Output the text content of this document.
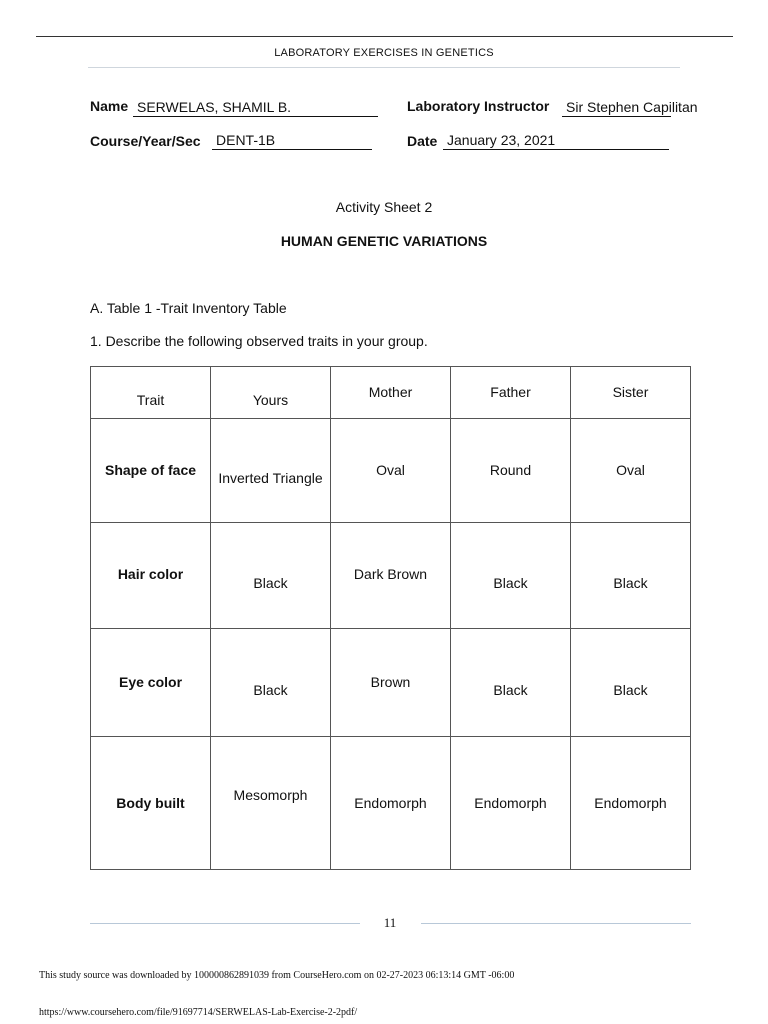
LABORATORY EXERCISES IN GENETICS
Name SERWELAS, SHAMIL B.	Laboratory Instructor Sir Stephen Capilitan
Course/Year/Sec DENT-1B	Date January 23, 2021
Activity Sheet 2
HUMAN GENETIC VARIATIONS
A. Table 1 -Trait Inventory Table
1. Describe the following observed traits in your group.
Trait	Yours	Mother	Father	Sister
Shape of face	Inverted Triangle	Oval	Round	Oval
Hair color	Black	Dark Brown	Black	Black
Eye color	Black	Brown	Black	Black
Body built	Mesomorph	Endomorph	Endomorph	Endomorph
11
This study source was downloaded by 100000862891039 from CourseHero.com on 02-27-2023 06:13:14 GMT -06:00
https://www.coursehero.com/file/91697714/SERWELAS-Lab-Exercise-2-2pdf/
